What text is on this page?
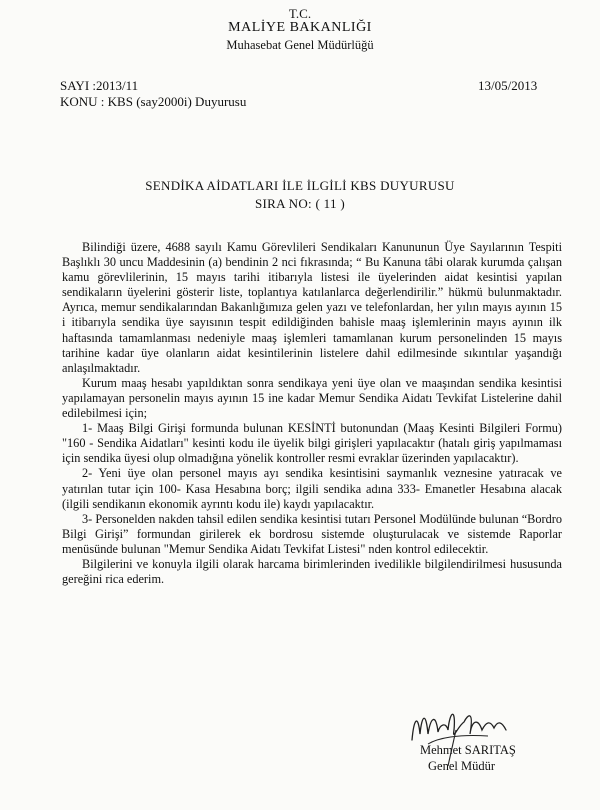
T.C.
MALİYE BAKANLIĞI
Muhasebat Genel Müdürlüğü
SAYI :2013/11
KONU : KBS (say2000i) Duyurusu
13/05/2013
SENDİKA AİDATLARI İLE İLGİLİ KBS DUYURUSU
SIRA NO: ( 11 )

Bilindiği üzere, 4688 sayılı Kamu Görevlileri Sendikaları Kanununun Üye Sayılarının Tespiti Başlıklı 30 uncu Maddesinin (a) bendinin 2 nci fıkrasında; “ Bu Kanuna tâbi olarak kurumda çalışan kamu görevlilerinin, 15 mayıs tarihi itibarıyla listesi ile üyelerinden aidat kesintisi yapılan sendikaların üyelerini gösterir liste, toplantıya katılanlarca değerlendirilir.” hükmü bulunmaktadır. Ayrıca, memur sendikalarından Bakanlığımıza gelen yazı ve telefonlardan, her yılın mayıs ayının 15 i itibarıyla sendika üye sayısının tespit edildiğinden bahisle maaş işlemlerinin mayıs ayının ilk haftasında tamamlanması nedeniyle maaş işlemleri tamamlanan kurum personelinden 15 mayıs tarihine kadar üye olanların aidat kesintilerinin listelere dahil edilmesinde sıkıntılar yaşandığı anlaşılmaktadır.

Kurum maaş hesabı yapıldıktan sonra sendikaya yeni üye olan ve maaşından sendika kesintisi yapılamayan personelin mayıs ayının 15 ine kadar Memur Sendika Aidatı Tevkifat Listelerine dahil edilebilmesi için;

1- Maaş Bilgi Girişi formunda bulunan KESİNTİ butonundan (Maaş Kesinti Bilgileri Formu) "160 - Sendika Aidatları" kesinti kodu ile üyelik bilgi girişleri yapılacaktır (hatalı giriş yapılmaması için sendika üyesi olup olmadığına yönelik kontroller resmi evraklar üzerinden yapılacaktır).

2- Yeni üye olan personel mayıs ayı sendika kesintisini saymanlık veznesine yatıracak ve yatırılan tutar için 100- Kasa Hesabına borç; ilgili sendika adına 333- Emanetler Hesabına alacak (ilgili sendikanın ekonomik ayrıntı kodu ile) kaydı yapılacaktır.

3- Personelden nakden tahsil edilen sendika kesintisi tutarı Personel Modülünde bulunan “Bordro Bilgi Girişi” formundan girilerek ek bordrosu sistemde oluşturulacak ve sistemde Raporlar menüsünde bulunan "Memur Sendika Aidatı Tevkifat Listesi" nden kontrol edilecektir.

Bilgilerini ve konuyla ilgili olarak harcama birimlerinden ivedilikle bilgilendirilmesi hususunda gereğini rica ederim.

Mehmet SARITAŞ
Genel Müdür
